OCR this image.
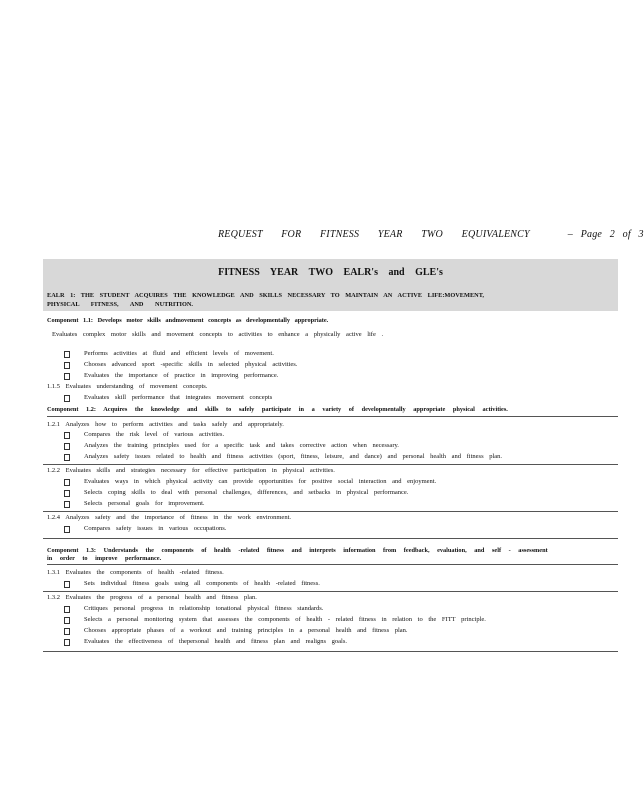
REQUEST FOR FITNESS YEAR TWO EQUIVALENCY	– Page 2 of 3
FITNESS YEAR TWO EALR's and GLE's
EALR 1: THE STUDENT ACQUIRES THE KNOWLEDGE AND SKILLS NECESSARY TO MAINTAIN AN ACTIVE LIFE:MOVEMENT,
PHYSICAL FITNESS, AND NUTRITION.
Component 1.1: Develops motor skills andmovement concepts as developmentally appropriate.
Evaluates complex motor skills and movement concepts to activities to enhance a physically active life .
Performs activities at fluid and efficient levels of movement.
Chooses advanced sport -specific skills in selected physical activities.
Evaluates the importance of practice in improving performance.
1.1.5 Evaluates understanding of movement concepts.
Evaluates skill performance that integrates movement concepts
Component 1.2: Acquires the knowledge and skills to safely participate in a variety of developmentally appropriate physical activities.
1.2.1 Analyzes how to perform activities and tasks safely and appropriately.
Compares the risk level of various activities.
Analyzes the training principles used for a specific task and takes corrective action when necessary.
Analyzes safety issues related to health and fitness activities (sport, fitness, leisure, and dance) and personal health and fitness plan.
1.2.2 Evaluates skills and strategies necessary for effective participation in physical activities.
Evaluates ways in which physical activity can provide opportunities for positive social interaction and enjoyment.
Selects coping skills to deal with personal challenges, differences, and setbacks in physical performance.
Selects personal goals for improvement.
1.2.4 Analyzes safety and the importance of fitness in the work environment.
Compares safety issues in various occupations.
Component 1.3: Understands the components of health -related fitness and interprets information from feedback, evaluation, and self - assessment
in order to improve performance.
1.3.1 Evaluates the components of health -related fitness.
Sets individual fitness goals using all components of health -related fitness.
1.3.2 Evaluates the progress of a personal health and fitness plan.
Critiques personal progress in relationship tonational physical fitness standards.
Selects a personal monitoring system that assesses the components of health - related fitness in relation to the FITT principle.
Chooses appropriate phases of a workout and training principles in a personal health and fitness plan.
Evaluates the effectiveness of thepersonal health and fitness plan and realigns goals.
